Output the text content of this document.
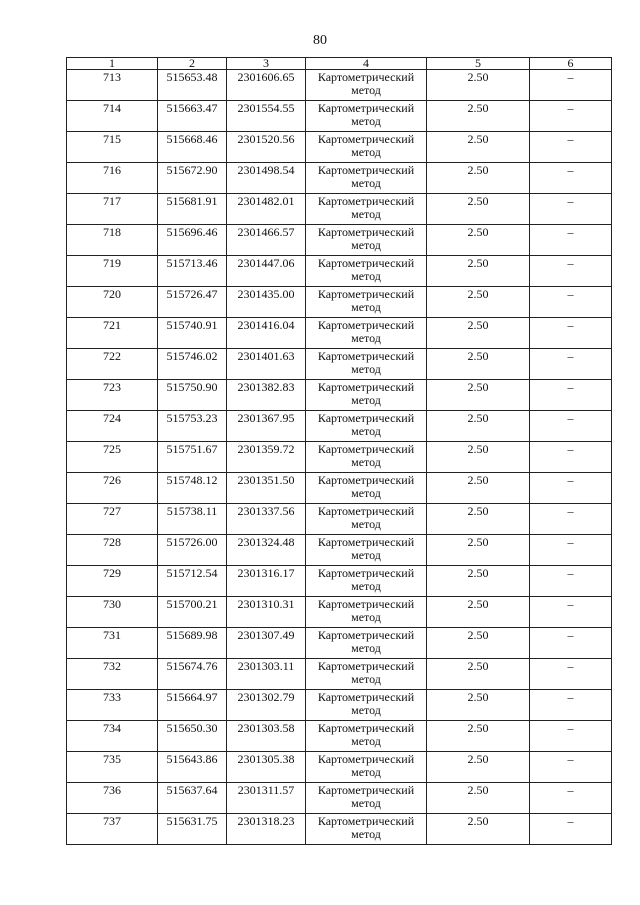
80
1	2	3	4	5	6
713	515653.48	2301606.65	Картометрический метод	2.50	–
714	515663.47	2301554.55	Картометрический метод	2.50	–
715	515668.46	2301520.56	Картометрический метод	2.50	–
716	515672.90	2301498.54	Картометрический метод	2.50	–
717	515681.91	2301482.01	Картометрический метод	2.50	–
718	515696.46	2301466.57	Картометрический метод	2.50	–
719	515713.46	2301447.06	Картометрический метод	2.50	–
720	515726.47	2301435.00	Картометрический метод	2.50	–
721	515740.91	2301416.04	Картометрический метод	2.50	–
722	515746.02	2301401.63	Картометрический метод	2.50	–
723	515750.90	2301382.83	Картометрический метод	2.50	–
724	515753.23	2301367.95	Картометрический метод	2.50	–
725	515751.67	2301359.72	Картометрический метод	2.50	–
726	515748.12	2301351.50	Картометрический метод	2.50	–
727	515738.11	2301337.56	Картометрический метод	2.50	–
728	515726.00	2301324.48	Картометрический метод	2.50	–
729	515712.54	2301316.17	Картометрический метод	2.50	–
730	515700.21	2301310.31	Картометрический метод	2.50	–
731	515689.98	2301307.49	Картометрический метод	2.50	–
732	515674.76	2301303.11	Картометрический метод	2.50	–
733	515664.97	2301302.79	Картометрический метод	2.50	–
734	515650.30	2301303.58	Картометрический метод	2.50	–
735	515643.86	2301305.38	Картометрический метод	2.50	–
736	515637.64	2301311.57	Картометрический метод	2.50	–
737	515631.75	2301318.23	Картометрический метод	2.50	–
